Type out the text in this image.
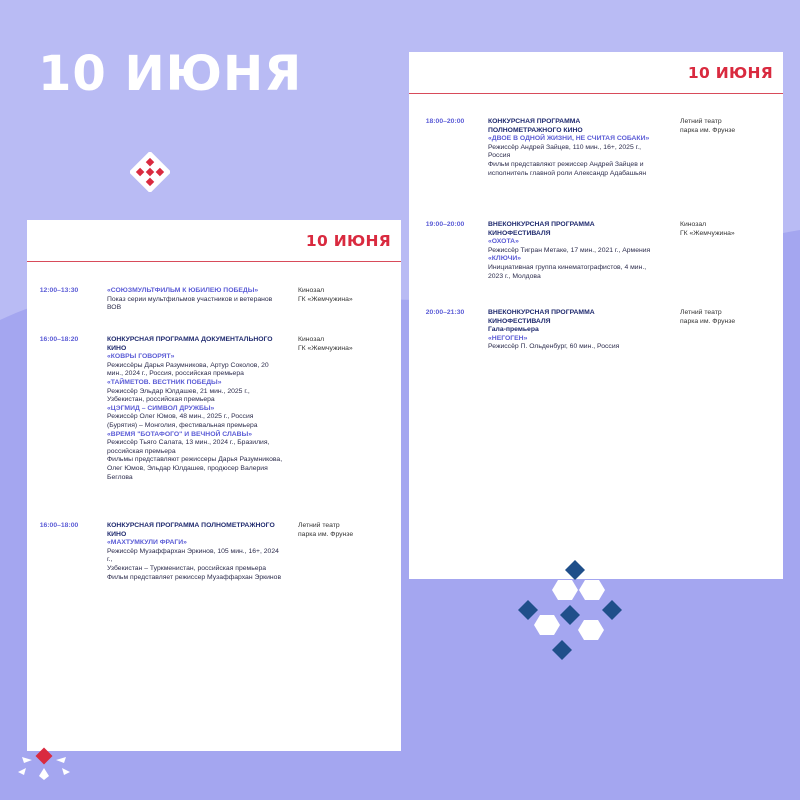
10 ИЮНЯ
10 ИЮНЯ
12:00–13:30	«СОЮЗМУЛЬТФИЛЬМ К ЮБИЛЕЮ ПОБЕДЫ»
Показ серии мультфильмов участников и ветеранов ВОВ
Кинозал
ГК «Жемчужина»
16:00–18:20	КОНКУРСНАЯ ПРОГРАММА ДОКУМЕНТАЛЬНОГО КИНО
«КОВРЫ ГОВОРЯТ»
Режиссёры Дарья Разумникова, Артур Соколов, 20 мин., 2024 г., Россия, российская премьера
«ТАЙМЕТОВ. ВЕСТНИК ПОБЕДЫ»
Режиссёр Эльдар Юлдашев, 21 мин., 2025 г., Узбекистан, российская премьера
«ЦЭГМИД – СИМВОЛ ДРУЖБЫ»
Режиссёр Олег Юмов, 48 мин., 2025 г., Россия (Бурятия) – Монголия, фестивальная премьера
«ВРЕМЯ "БОТАФОГО" И ВЕЧНОЙ СЛАВЫ»
Режиссёр Тьяго Салата, 13 мин., 2024 г., Бразилия, российская премьера
Фильмы представляют режиссеры Дарья Разумникова, Олег Юмов, Эльдар Юлдашев, продюсер Валерия Беглова
Кинозал
ГК «Жемчужина»
16:00–18:00	КОНКУРСНАЯ ПРОГРАММА ПОЛНОМЕТРАЖНОГО КИНО
«МАХТУМКУЛИ ФРАГИ»
Режиссёр Музаффархан Эркинов, 105 мин., 16+, 2024 г.,
Узбекистан – Туркменистан, российская премьера
Фильм представляет режиссер Музаффархан Эркинов
Летний театр
парка им. Фрунзе
10 ИЮНЯ
18:00–20:00	КОНКУРСНАЯ ПРОГРАММА ПОЛНОМЕТРАЖНОГО КИНО
«ДВОЕ В ОДНОЙ ЖИЗНИ, НЕ СЧИТАЯ СОБАКИ»
Режиссёр Андрей Зайцев, 110 мин., 16+, 2025 г., Россия
Фильм представляют режиссер Андрей Зайцев и исполнитель главной роли Александр Адабашьян
Летний театр
парка им. Фрунзе
19:00–20:00	ВНЕКОНКУРСНАЯ ПРОГРАММА КИНОФЕСТИВАЛЯ
«ОХОТА»
Режиссёр Тигран Метаке, 17 мин., 2021 г., Армения
«КЛЮЧИ»
Инициативная группа кинематографистов, 4 мин., 2023 г., Молдова
Кинозал
ГК «Жемчужина»
20:00–21:30	ВНЕКОНКУРСНАЯ ПРОГРАММА КИНОФЕСТИВАЛЯ
Гала-премьера
«НЕГОГЕН»
Режиссёр П. Ольденбург, 60 мин., Россия
Летний театр
парка им. Фрунзе
